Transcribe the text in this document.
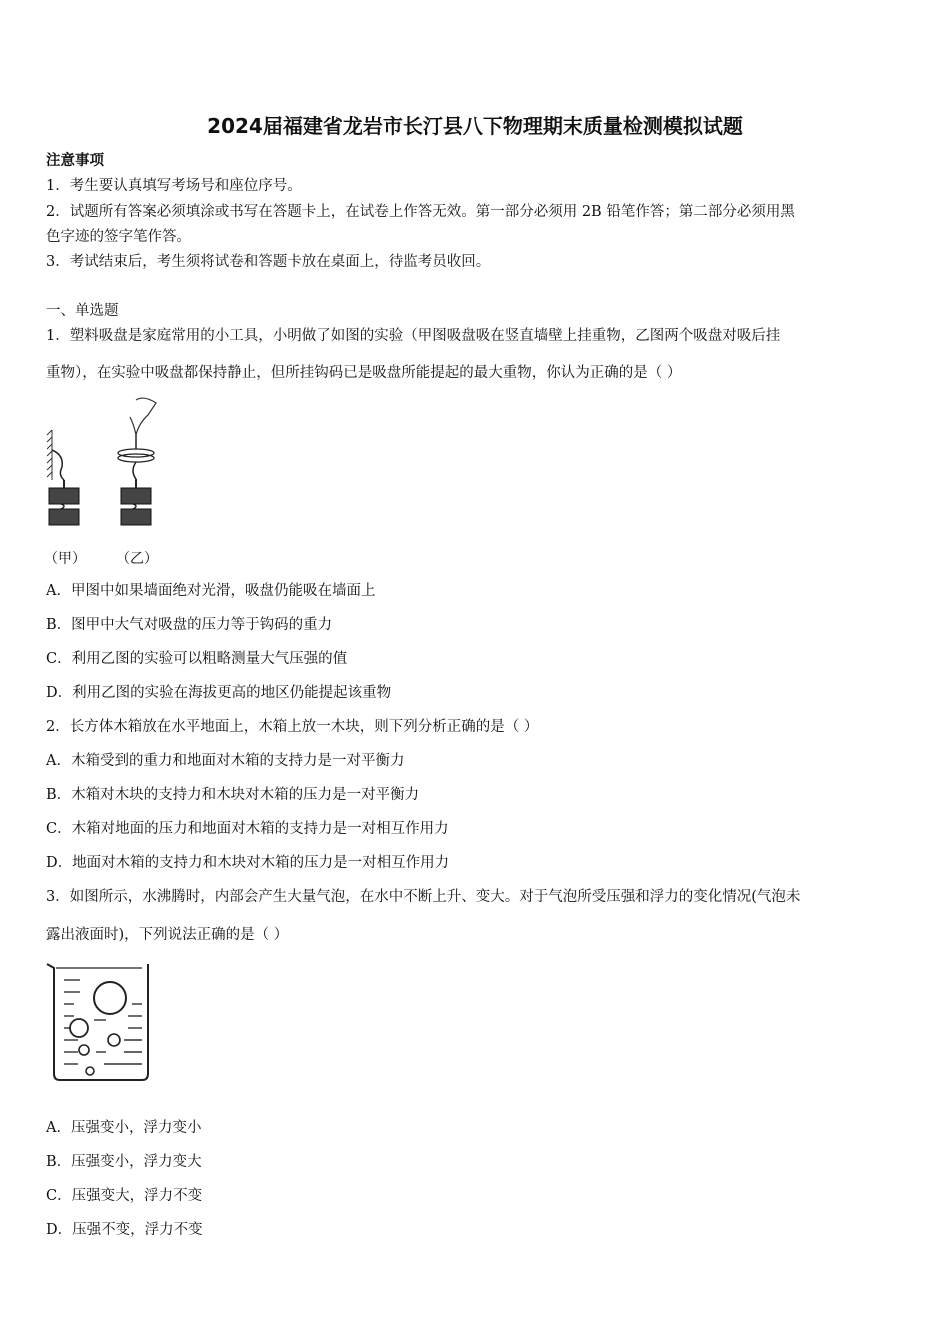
2024届福建省龙岩市长汀县八下物理期末质量检测模拟试题
注意事项
1．考生要认真填写考场号和座位序号。
2．试题所有答案必须填涂或书写在答题卡上，在试卷上作答无效。第一部分必须用 2B 铅笔作答；第二部分必须用黑
色字迹的签字笔作答。
3．考试结束后，考生须将试卷和答题卡放在桌面上，待监考员收回。
一、单选题
1．塑料吸盘是家庭常用的小工具，小明做了如图的实验（甲图吸盘吸在竖直墙壁上挂重物，乙图两个吸盘对吸后挂
重物），在实验中吸盘都保持静止，但所挂钩码已是吸盘所能提起的最大重物，你认为正确的是（ ）
（甲） （乙）
A．甲图中如果墙面绝对光滑，吸盘仍能吸在墙面上
B．图甲中大气对吸盘的压力等于钩码的重力
C．利用乙图的实验可以粗略测量大气压强的值
D．利用乙图的实验在海拔更高的地区仍能提起该重物
2．长方体木箱放在水平地面上，木箱上放一木块，则下列分析正确的是（ ）
A．木箱受到的重力和地面对木箱的支持力是一对平衡力
B．木箱对木块的支持力和木块对木箱的压力是一对平衡力
C．木箱对地面的压力和地面对木箱的支持力是一对相互作用力
D．地面对木箱的支持力和木块对木箱的压力是一对相互作用力
3．如图所示，水沸腾时，内部会产生大量气泡，在水中不断上升、变大。对于气泡所受压强和浮力的变化情况(气泡未
露出液面时)，下列说法正确的是（ ）
A．压强变小，浮力变小
B．压强变小，浮力变大
C．压强变大，浮力不变
D．压强不变，浮力不变
